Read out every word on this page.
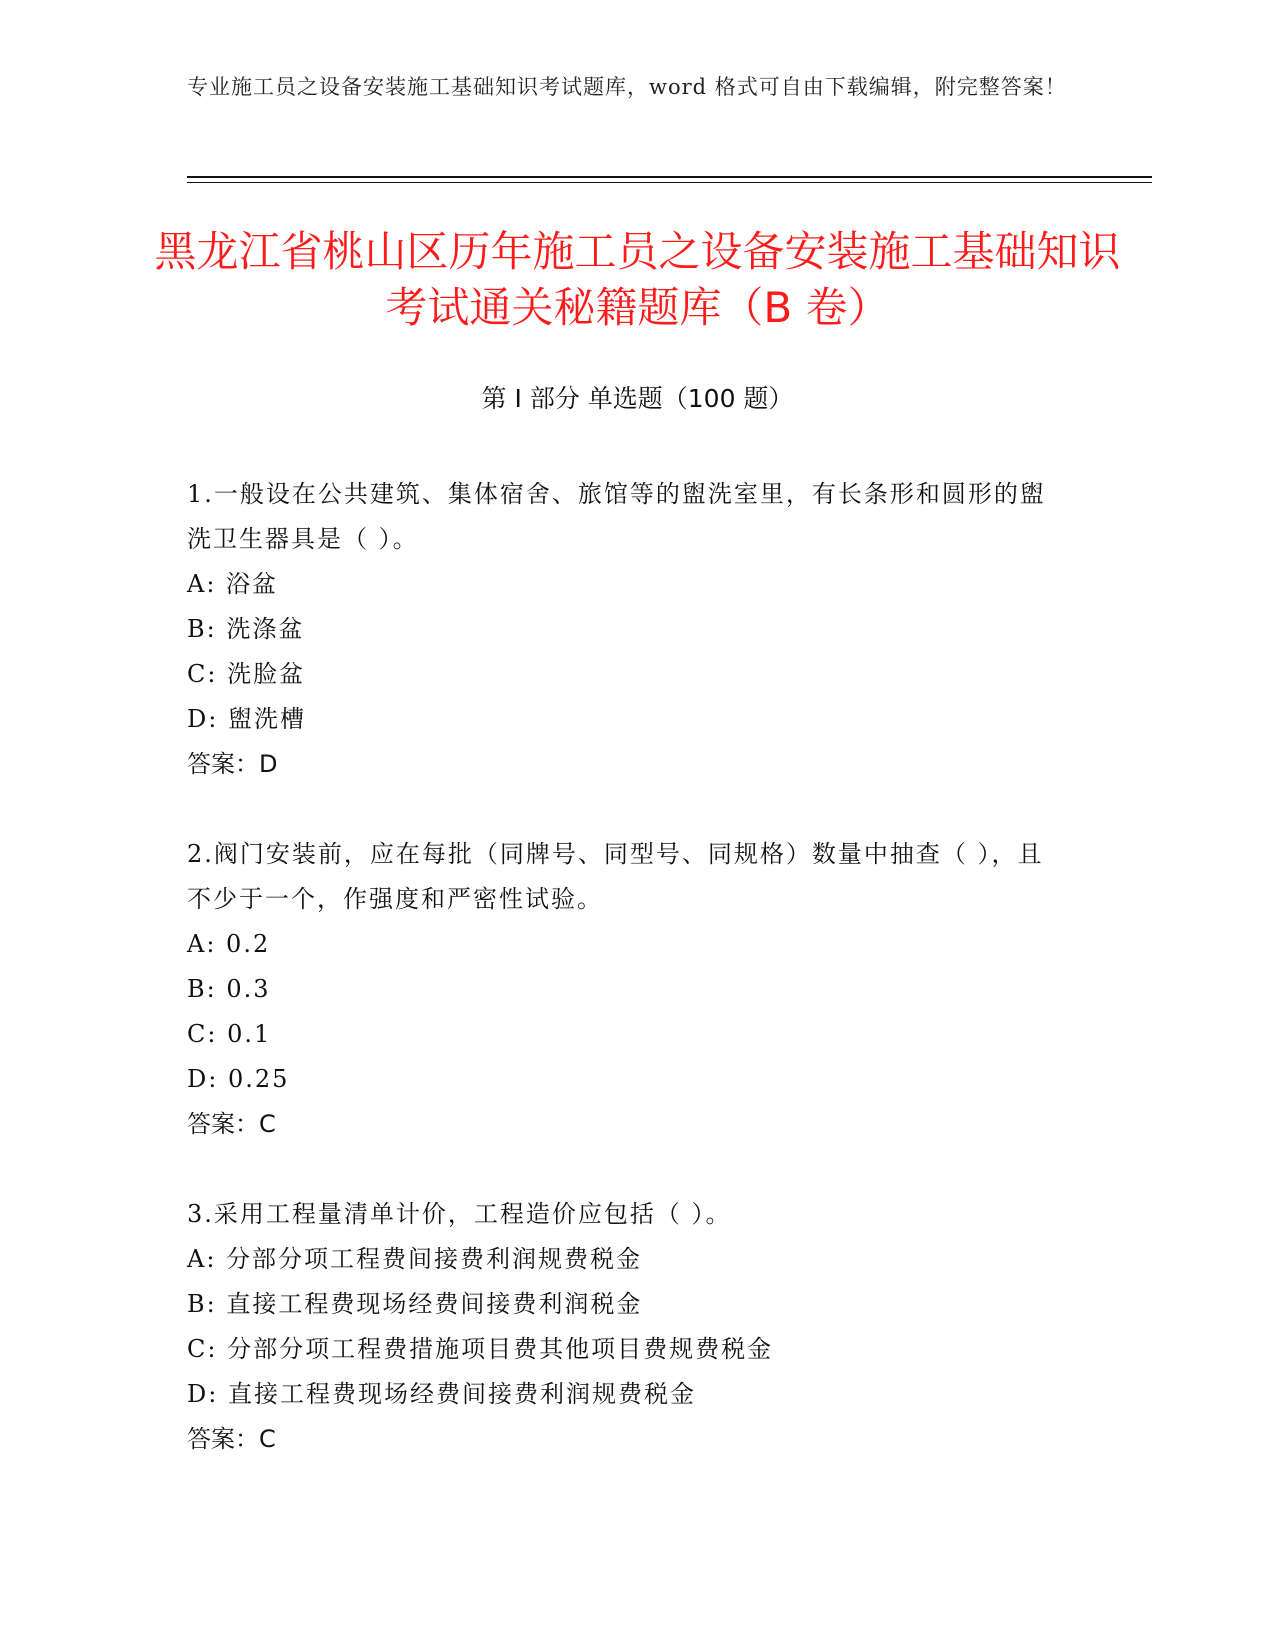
专业施工员之设备安装施工基础知识考试题库，word 格式可自由下载编辑，附完整答案！
黑龙江省桃山区历年施工员之设备安装施工基础知识考试通关秘籍题库（B 卷）
第 I 部分 单选题（100 题）

1.一般设在公共建筑、集体宿舍、旅馆等的盥洗室里，有长条形和圆形的盥洗卫生器具是（ ）。

A: 浴盆

B: 洗涤盆

C: 洗脸盆

D: 盥洗槽

答案：D

2.阀门安装前，应在每批（同牌号、同型号、同规格）数量中抽查（ ），且不少于一个，作强度和严密性试验。

A: 0.2

B: 0.3

C: 0.1

D: 0.25

答案：C

3.采用工程量清单计价，工程造价应包括（ ）。

A: 分部分项工程费间接费利润规费税金

B: 直接工程费现场经费间接费利润税金

C: 分部分项工程费措施项目费其他项目费规费税金

D: 直接工程费现场经费间接费利润规费税金

答案：C
